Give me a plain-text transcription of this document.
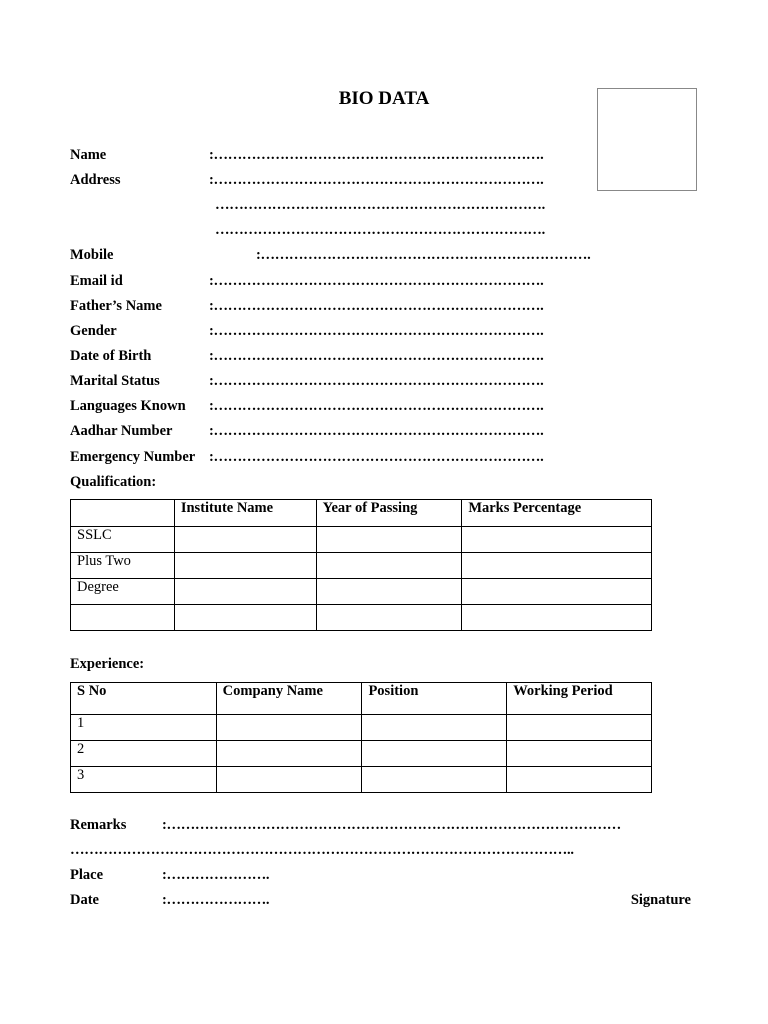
BIO DATA
Name	:…………………………………………………………….
Address	:…………………………………………………………….
…………………………………………………………….
…………………………………………………………….
Mobile	:…………………………………………………………….
Email id	:…………………………………………………………….
Father’s Name	:…………………………………………………………….
Gender	:…………………………………………………………….
Date of Birth	:…………………………………………………………….
Marital Status	:…………………………………………………………….
Languages Known :…………………………………………………………….
Aadhar Number	:…………………………………………………………….
Emergency Number :…………………………………………………………….
Qualification:
	Institute Name	Year of Passing	Marks Percentage
SSLC			
Plus Two			
Degree			

Experience:
S No	Company Name	Position	Working Period
1			
2			
3			
Remarks :……………………………………………………………………………………
……………………………………………………………………………………………..
Place	:………………….
Date	:………………….	Signature
